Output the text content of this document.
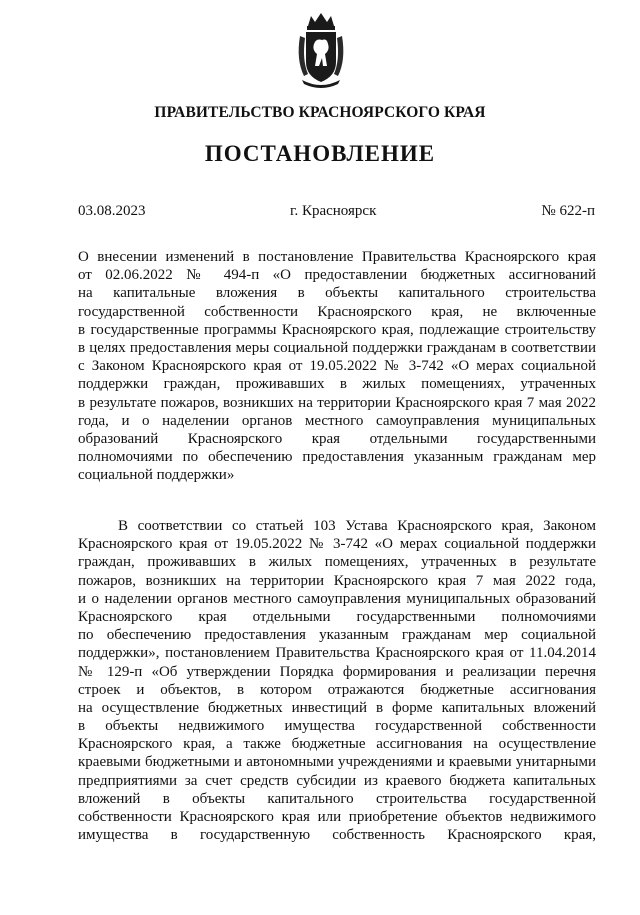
ПРАВИТЕЛЬСТВО КРАСНОЯРСКОГО КРАЯ
ПОСТАНОВЛЕНИЕ
03.08.2023	г. Красноярск	№ 622-п
О внесении изменений в постановление Правительства Красноярского края
от 02.06.2022 № 494-п «О предоставлении бюджетных ассигнований
на капитальные вложения в объекты капитального строительства
государственной собственности Красноярского края, не включенные
в государственные программы Красноярского края, подлежащие строительству
в целях предоставления меры социальной поддержки гражданам в соответствии
с Законом Красноярского края от 19.05.2022 № 3-742 «О мерах социальной
поддержки граждан, проживавших в жилых помещениях, утраченных
в результате пожаров, возникших на территории Красноярского края 7 мая 2022
года, и о наделении органов местного самоуправления муниципальных
образований Красноярского края отдельными государственными
полномочиями по обеспечению предоставления указанным гражданам мер
социальной поддержки»
В соответствии со статьей 103 Устава Красноярского края, Законом
Красноярского края от 19.05.2022 № 3-742 «О мерах социальной поддержки
граждан, проживавших в жилых помещениях, утраченных в результате
пожаров, возникших на территории Красноярского края 7 мая 2022 года,
и о наделении органов местного самоуправления муниципальных образований
Красноярского края отдельными государственными полномочиями
по обеспечению предоставления указанным гражданам мер социальной
поддержки», постановлением Правительства Красноярского края от 11.04.2014
№ 129-п «Об утверждении Порядка формирования и реализации перечня
строек и объектов, в котором отражаются бюджетные ассигнования
на осуществление бюджетных инвестиций в форме капитальных вложений
в объекты недвижимого имущества государственной собственности
Красноярского края, а также бюджетные ассигнования на осуществление
краевыми бюджетными и автономными учреждениями и краевыми унитарными
предприятиями за счет средств субсидии из краевого бюджета капитальных
вложений в объекты капитального строительства государственной
собственности Красноярского края или приобретение объектов недвижимого
имущества в государственную собственность Красноярского края,
